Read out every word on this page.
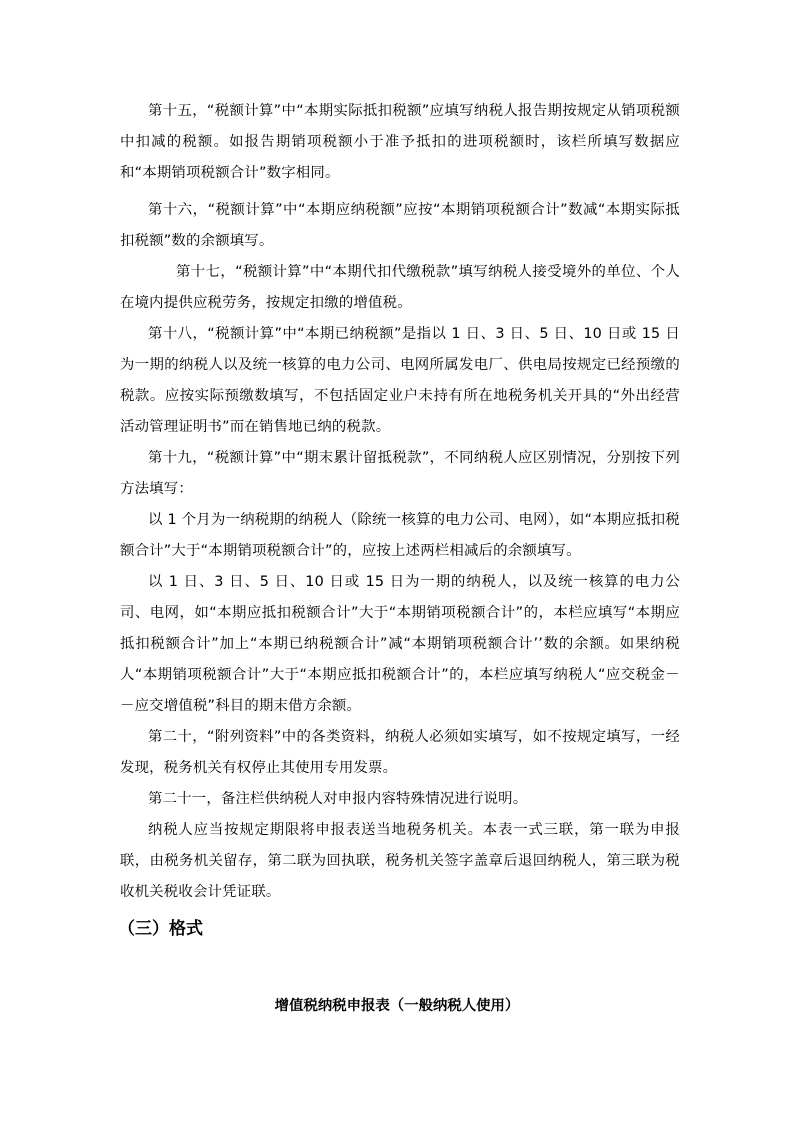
第十五，“税额计算”中“本期实际抵扣税额”应填写纳税人报告期按规定从销项税额中扣减的税额。如报告期销项税额小于准予抵扣的进项税额时，该栏所填写数据应和“本期销项税额合计”数字相同。

第十六，“税额计算”中“本期应纳税额”应按“本期销项税额合计”数减“本期实际抵扣税额”数的余额填写。

第十七，“税额计算”中“本期代扣代缴税款”填写纳税人接受境外的单位、个人在境内提供应税劳务，按规定扣缴的增值税。

第十八，“税额计算”中“本期已纳税额”是指以 1 日、3 日、5 日、10 日或 15 日为一期的纳税人以及统一核算的电力公司、电网所属发电厂、供电局按规定已经预缴的税款。应按实际预缴数填写，不包括固定业户未持有所在地税务机关开具的“外出经营活动管理证明书”而在销售地已纳的税款。

第十九，“税额计算”中“期末累计留抵税款”，不同纳税人应区别情况，分别按下列方法填写：

以 1 个月为一纳税期的纳税人（除统一核算的电力公司、电网），如“本期应抵扣税额合计”大于“本期销项税额合计”的，应按上述两栏相减后的余额填写。

以 1 日、3 日、5 日、10 日或 15 日为一期的纳税人，以及统一核算的电力公司、电网，如“本期应抵扣税额合计”大于“本期销项税额合计”的，本栏应填写“本期应抵扣税额合计”加上“本期已纳税额合计”减“本期销项税额合计’’数的余额。如果纳税人“本期销项税额合计”大于“本期应抵扣税额合计”的，本栏应填写纳税人“应交税金－－应交增值税”科目的期末借方余额。

第二十，“附列资料”中的各类资料，纳税人必须如实填写，如不按规定填写，一经发现，税务机关有权停止其使用专用发票。

第二十一，备注栏供纳税人对申报内容特殊情况进行说明。

纳税人应当按规定期限将申报表送当地税务机关。本表一式三联，第一联为申报联，由税务机关留存，第二联为回执联，税务机关签字盖章后退回纳税人，第三联为税收机关税收会计凭证联。

（三）格式
增值税纳税申报表（一般纳税人使用）
